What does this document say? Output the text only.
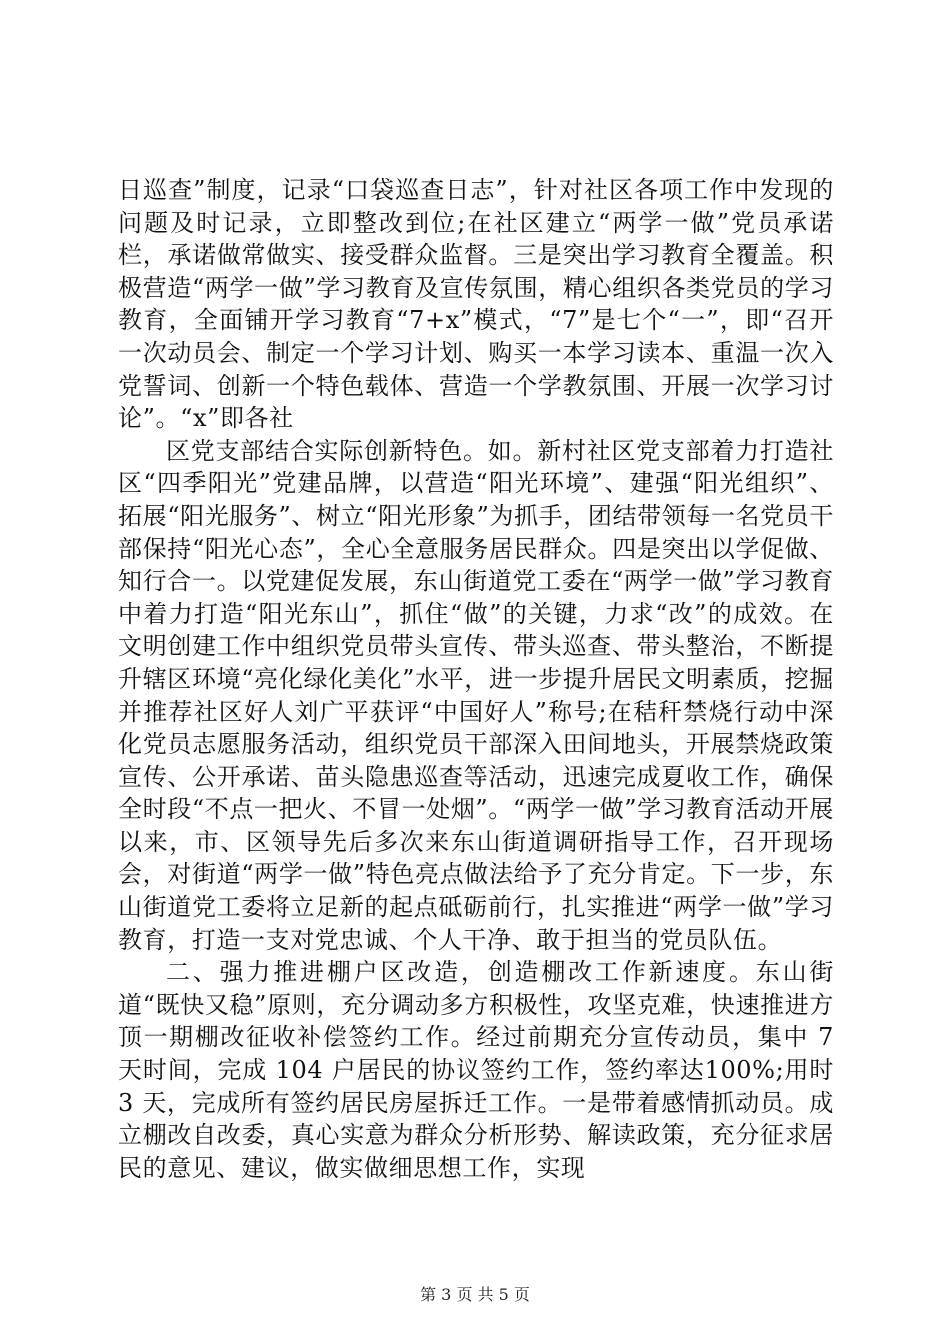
日巡查”制度，记录“口袋巡查日志”，针对社区各项工作中发现的问题及时记录，立即整改到位;在社区建立“两学一做”党员承诺栏，承诺做常做实、接受群众监督。三是突出学习教育全覆盖。积极营造“两学一做”学习教育及宣传氛围，精心组织各类党员的学习教育，全面铺开学习教育“7+x”模式，“7”是七个“一”，即“召开一次动员会、制定一个学习计划、购买一本学习读本、重温一次入党誓词、创新一个特色载体、营造一个学教氛围、开展一次学习讨论”。“x”即各社

区党支部结合实际创新特色。如。新村社区党支部着力打造社区“四季阳光”党建品牌，以营造“阳光环境”、建强“阳光组织”、拓展“阳光服务”、树立“阳光形象”为抓手，团结带领每一名党员干部保持“阳光心态”，全心全意服务居民群众。四是突出以学促做、知行合一。以党建促发展，东山街道党工委在“两学一做”学习教育中着力打造“阳光东山”，抓住“做”的关键，力求“改”的成效。在文明创建工作中组织党员带头宣传、带头巡查、带头整治，不断提升辖区环境“亮化绿化美化”水平，进一步提升居民文明素质，挖掘并推荐社区好人刘广平获评“中国好人”称号;在秸秆禁烧行动中深化党员志愿服务活动，组织党员干部深入田间地头，开展禁烧政策宣传、公开承诺、苗头隐患巡查等活动，迅速完成夏收工作，确保全时段“不点一把火、不冒一处烟”。“两学一做”学习教育活动开展以来，市、区领导先后多次来东山街道调研指导工作，召开现场会，对街道“两学一做”特色亮点做法给予了充分肯定。下一步，东山街道党工委将立足新的起点砥砺前行，扎实推进“两学一做”学习教育，打造一支对党忠诚、个人干净、敢于担当的党员队伍。

二、强力推进棚户区改造，创造棚改工作新速度。东山街道“既快又稳”原则，充分调动多方积极性，攻坚克难，快速推进方顶一期棚改征收补偿签约工作。经过前期充分宣传动员，集中 7 天时间，完成 104 户居民的协议签约工作，签约率达100%;用时 3 天，完成所有签约居民房屋拆迁工作。一是带着感情抓动员。成立棚改自改委，真心实意为群众分析形势、解读政策，充分征求居民的意见、建议，做实做细思想工作，实现

第 3 页 共 5 页
